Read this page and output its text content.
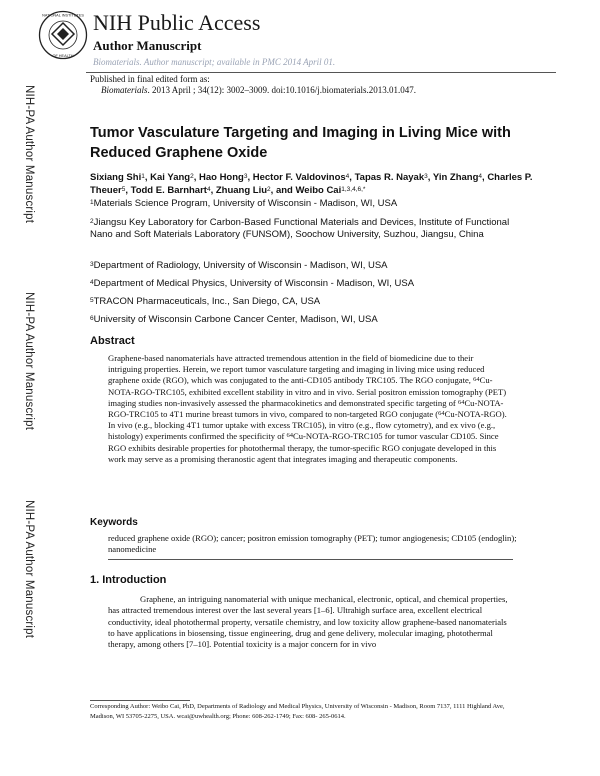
NATIONAL INSTITUTES
OF HEALTH
NIH Public Access
Author Manuscript
Biomaterials. Author manuscript; available in PMC 2014 April 01.
NIH-PA Author Manuscript
NIH-PA Author Manuscript
NIH-PA Author Manuscript
Published in final edited form as:
Biomaterials. 2013 April ; 34(12): 3002–3009. doi:10.1016/j.biomaterials.2013.01.047.
Tumor Vasculature Targeting and Imaging in Living Mice with Reduced Graphene Oxide
Sixiang Shi$^1$, Kai Yang$^2$, Hao Hong$^3$, Hector F. Valdovinos$^4$, Tapas R. Nayak$^3$, Yin Zhang$^4$, Charles P. Theuer$^5$, Todd E. Barnhart$^4$, Zhuang Liu$^2$, and Weibo Cai$^{1,3,4,6,*}$
$^1$Materials Science Program, University of Wisconsin - Madison, WI, USA
$^2$Jiangsu Key Laboratory for Carbon-Based Functional Materials and Devices, Institute of Functional Nano and Soft Materials Laboratory (FUNSOM), Soochow University, Suzhou, Jiangsu, China
$^3$Department of Radiology, University of Wisconsin - Madison, WI, USA
$^4$Department of Medical Physics, University of Wisconsin - Madison, WI, USA
$^5$TRACON Pharmaceuticals, Inc., San Diego, CA, USA
$^6$University of Wisconsin Carbone Cancer Center, Madison, WI, USA
Abstract
Graphene-based nanomaterials have attracted tremendous attention in the field of biomedicine due to their intriguing properties. Herein, we report tumor vasculature targeting and imaging in living mice using reduced graphene oxide (RGO), which was conjugated to the anti-CD105 antibody TRC105. The RGO conjugate, $^{64}$Cu-NOTA-RGO-TRC105, exhibited excellent stability in vitro and in vivo. Serial positron emission tomography (PET) imaging studies non-invasively assessed the pharmacokinetics and demonstrated specific targeting of $^{64}$Cu-NOTA-RGO-TRC105 to 4T1 murine breast tumors in vivo, compared to non-targeted RGO conjugate ($^{64}$Cu-NOTA-RGO). In vivo (e.g., blocking 4T1 tumor uptake with excess TRC105), in vitro (e.g., flow cytometry), and ex vivo (e.g., histology) experiments confirmed the specificity of $^{64}$Cu-NOTA-RGO-TRC105 for tumor vascular CD105. Since RGO exhibits desirable properties for photothermal therapy, the tumor-specific RGO conjugate developed in this work may serve as a promising theranostic agent that integrates imaging and therapeutic components.
Keywords
reduced graphene oxide (RGO); cancer; positron emission tomography (PET); tumor angiogenesis; CD105 (endoglin); nanomedicine
1. Introduction
Graphene, an intriguing nanomaterial with unique mechanical, electronic, optical, and chemical properties, has attracted tremendous interest over the last several years [1–6]. Ultrahigh surface area, excellent electrical conductivity, ideal photothermal property, versatile chemistry, and low toxicity allow graphene-based nanomaterials to have applications in biosensing, tissue engineering, drug and gene delivery, molecular imaging, photothermal therapy, among others [7–10]. Potential toxicity is a major concern for in vivo
Corresponding Author: Weibo Cai, PhD, Departments of Radiology and Medical Physics, University of Wisconsin - Madison, Room 7137, 1111 Highland Ave, Madison, WI 53705-2275, USA. wcai@uwhealth.org; Phone: 608-262-1749; Fax: 608- 265-0614.
